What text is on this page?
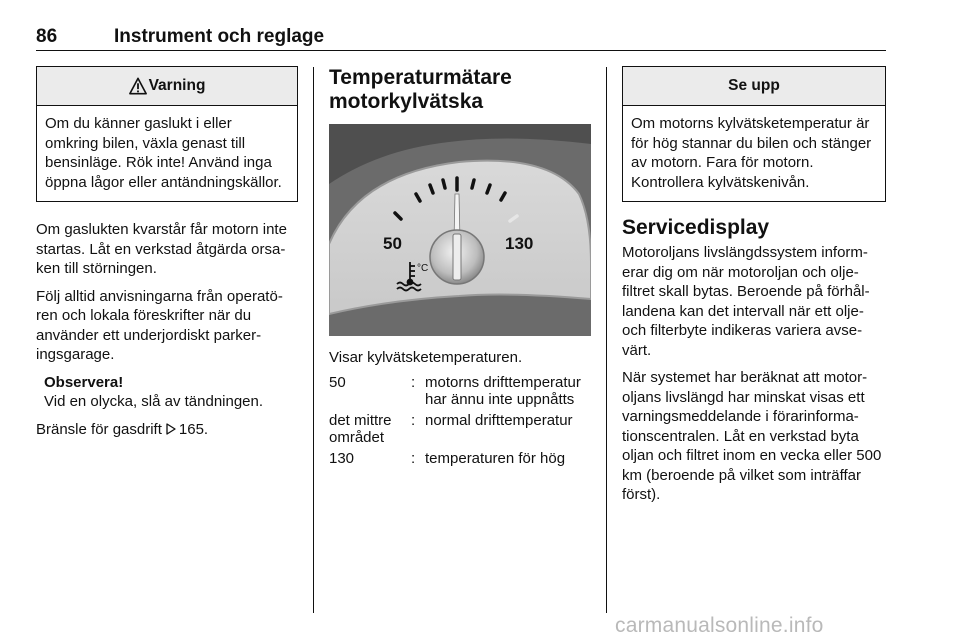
86	Instrument och reglage
Varning
Om du känner gaslukt i eller omkring bilen, växla genast till bensinläge. Rök inte! Använd inga öppna lågor eller antändningskällor.

Om gaslukten kvarstår får motorn inte startas. Låt en verkstad åtgärda orsaken till störningen.

Följ alltid anvisningarna från operatören och lokala föreskrifter när du använder ett underjordiskt parkeringsgarage.

Observera!

Vid en olycka, slå av tändningen.

Bränsle för gasdrift 165.

Temperaturmätare
motorkylvätska
50	130
°C

Visar kylvätsketemperaturen.

50	:	motorns drifttemperatur har ännu inte uppnåtts
det mittre området	:	normal drifttemperatur
130	:	temperaturen för hög
Se upp
Om motorns kylvätsketemperatur är för hög stannar du bilen och stänger av motorn. Fara för motorn. Kontrollera kylvätskenivån.
Servicedisplay

Motoroljans livslängdssystem informerar dig om när motoroljan och oljefiltret skall bytas. Beroende på förhållandena kan det intervall när ett olje- och filterbyte indikeras variera avsevärt.

När systemet har beräknat att motoroljans livslängd har minskat visas ett varningsmeddelande i förarinformationscentralen. Låt en verkstad byta oljan och filtret inom en vecka eller 500 km (beroende på vilket som inträffar först).

carmanualsonline.info
